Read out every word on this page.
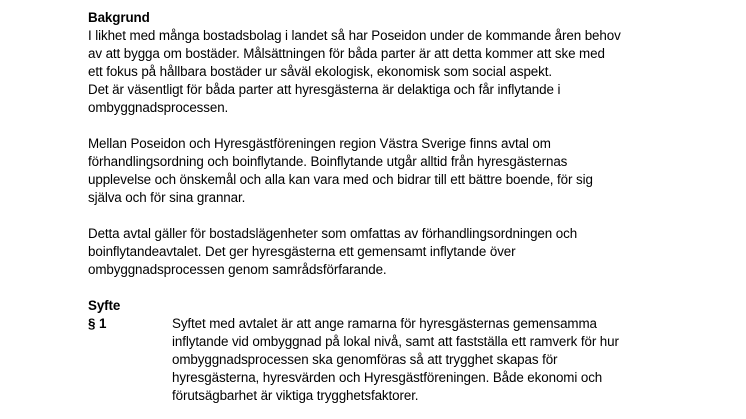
Bakgrund
I likhet med många bostadsbolag i landet så har Poseidon under de kommande åren behov
av att bygga om bostäder. Målsättningen för båda parter är att detta kommer att ske med
ett fokus på hållbara bostäder ur såväl ekologisk, ekonomisk som social aspekt.
Det är väsentligt för båda parter att hyresgästerna är delaktiga och får inflytande i
ombyggnadsprocessen.
Mellan Poseidon och Hyresgästföreningen region Västra Sverige finns avtal om
förhandlingsordning och boinflytande. Boinflytande utgår alltid från hyresgästernas
upplevelse och önskemål och alla kan vara med och bidrar till ett bättre boende, för sig
själva och för sina grannar.
Detta avtal gäller för bostadslägenheter som omfattas av förhandlingsordningen och
boinflytandeavtalet. Det ger hyresgästerna ett gemensamt inflytande över
ombyggnadsprocessen genom samrådsförfarande.
Syfte
§ 1	Syftet med avtalet är att ange ramarna för hyresgästernas gemensamma
inflytande vid ombyggnad på lokal nivå, samt att fastställa ett ramverk för hur
ombyggnadsprocessen ska genomföras så att trygghet skapas för
hyresgästerna, hyresvärden och Hyresgästföreningen. Både ekonomi och
förutsägbarhet är viktiga trygghetsfaktorer.
